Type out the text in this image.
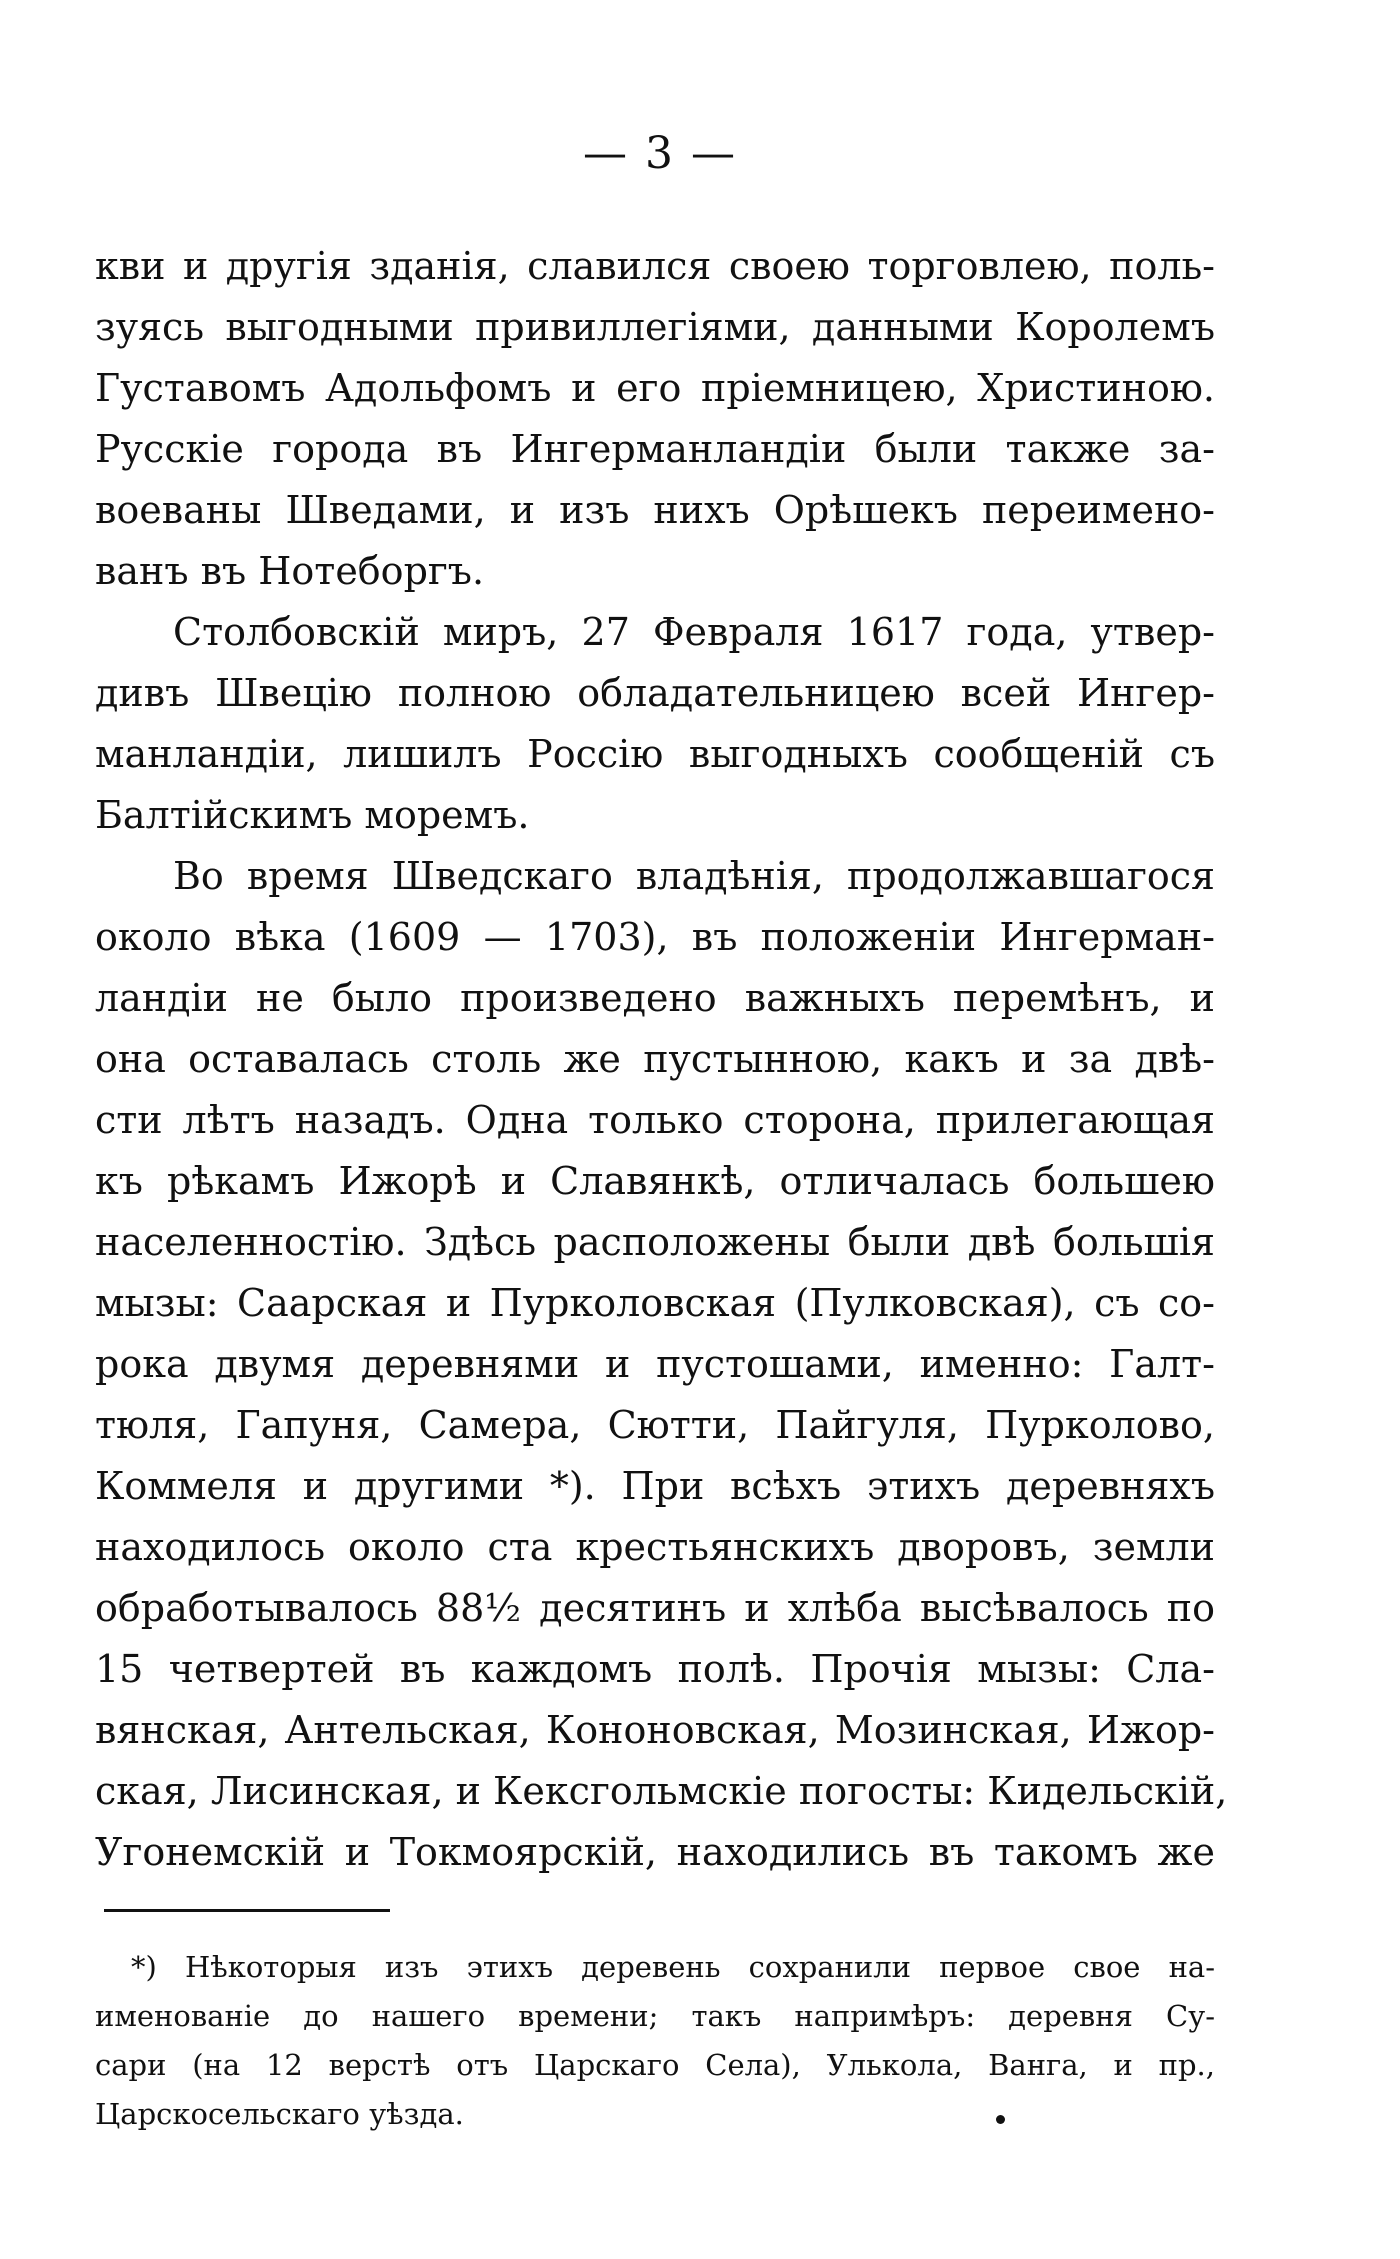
— 3 —
кви и другія зданія, славился своею торговлею, поль-
зуясь выгодными привиллегіями, данными Королемъ
Густавомъ Адольфомъ и его пріемницею, Христиною.
Русскіе города въ Ингерманландіи были также за-
воеваны Шведами, и изъ нихъ Орѣшекъ переимено-
ванъ въ Нотеборгъ.
Столбовскій миръ, 27 Февраля 1617 года, утвер-
дивъ Швецію полною обладательницею всей Ингер-
манландіи, лишилъ Россію выгодныхъ сообщеній съ
Балтійскимъ моремъ.
Во время Шведскаго владѣнія, продолжавшагося
около вѣка (1609 — 1703), въ положеніи Ингерман-
ландіи не было произведено важныхъ перемѣнъ, и
она оставалась столь же пустынною, какъ и за двѣ-
сти лѣтъ назадъ. Одна только сторона, прилегающая
къ рѣкамъ Ижорѣ и Славянкѣ, отличалась большею
населенностію. Здѣсь расположены были двѣ большія
мызы: Саарская и Пурколовская (Пулковская), съ со-
рока двумя деревнями и пустошами, именно: Галт-
тюля, Гапуня, Самера, Сютти, Пайгуля, Пурколово,
Коммеля и другими *). При всѣхъ этихъ деревняхъ
находилось около ста крестьянскихъ дворовъ, земли
обработывалось 88½ десятинъ и хлѣба высѣвалось по
15 четвертей въ каждомъ полѣ. Прочія мызы: Сла-
вянская, Антельская, Кононовская, Мозинская, Ижор-
ская, Лисинская, и Кексгольмскіе погосты: Кидельскій,
Угонемскій и Токмоярскій, находились въ такомъ же
*) Нѣкоторыя изъ этихъ деревень сохранили первое свое на-
именованіе до нашего времени; такъ напримѣръ: деревня Су-
сари (на 12 верстѣ отъ Царскаго Села), Улькола, Ванга, и пр.,
Царскосельскаго уѣзда.
